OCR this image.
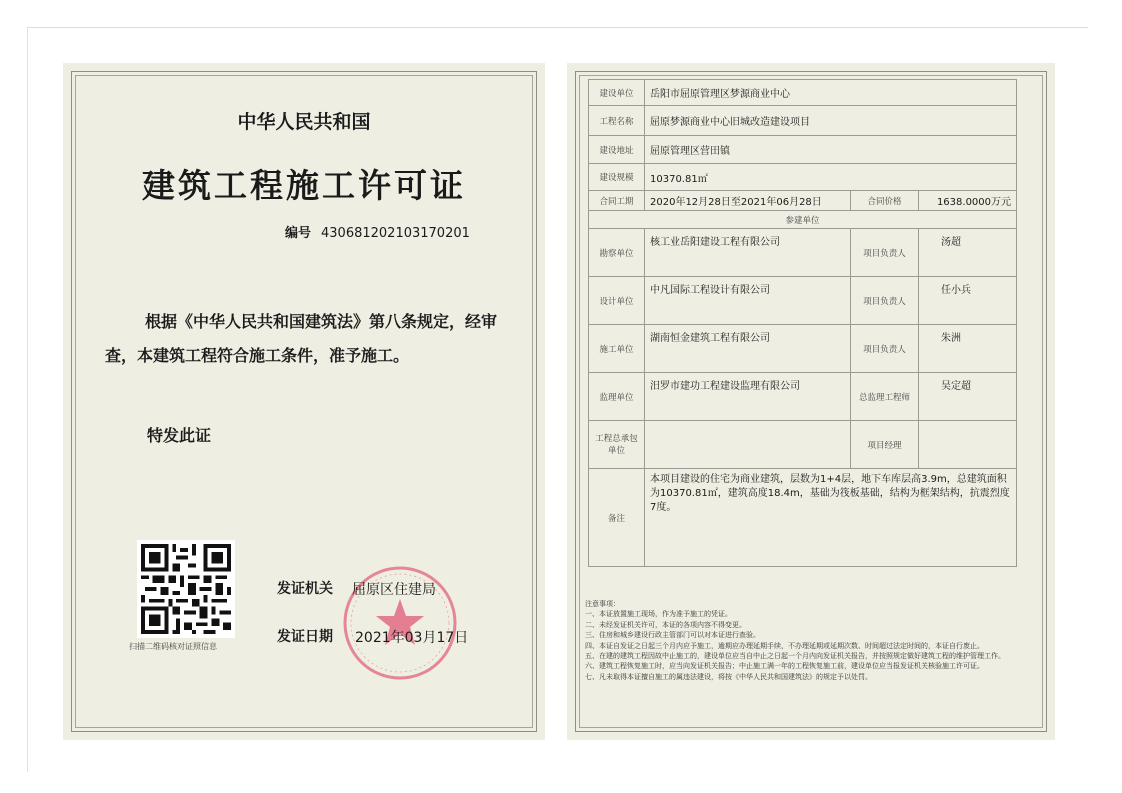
中华人民共和国
建筑工程施工许可证
编号 430681202103170201
根据《中华人民共和国建筑法》第八条规定，经审查，本建筑工程符合施工条件，准予施工。
特发此证
扫描二维码核对证照信息
发证机关 屈原区住建局
发证日期 2021年03月17日
建设单位	岳阳市屈原管理区梦源商业中心		
工程名称	屈原梦源商业中心旧城改造建设项目		
建设地址	屈原管理区营田镇		
建设规模	10370.81㎡		
合同工期	2020年12月28日至2021年06月28日	合同价格	1638.0000万元
参建单位			
勘察单位	核工业岳阳建设工程有限公司	项目负责人	汤超
设计单位	中凡国际工程设计有限公司	项目负责人	任小兵
施工单位	湖南恒金建筑工程有限公司	项目负责人	朱洲
监理单位	汨罗市建功工程建设监理有限公司	总监理工程师	吴定超
工程总承包单位		项目经理	
备注	本项目建设的住宅为商业建筑，层数为1+4层，地下车库层高3.9m，总建筑面积为10370.81㎡，建筑高度18.4m，基础为筏板基础，结构为框架结构，抗震烈度7度。		
注意事项：
一、本证放置施工现场，作为准予施工的凭证。
二、未经发证机关许可，本证的各项内容不得变更。
三、住房和城乡建设行政主管部门可以对本证进行查验。
四、本证自发证之日起三个月内应予施工，逾期应办理延期手续，不办理延期或延期次数、时间超过法定时间的，本证自行废止。
五、在建的建筑工程因故中止施工的，建设单位应当自中止之日起一个月内向发证机关报告，并按照规定做好建筑工程的维护管理工作。
六、建筑工程恢复施工时，应当向发证机关报告；中止施工满一年的工程恢复施工前，建设单位应当报发证机关核验施工许可证。
七、凡未取得本证擅自施工的属违法建设，将按《中华人民共和国建筑法》的规定予以处罚。
